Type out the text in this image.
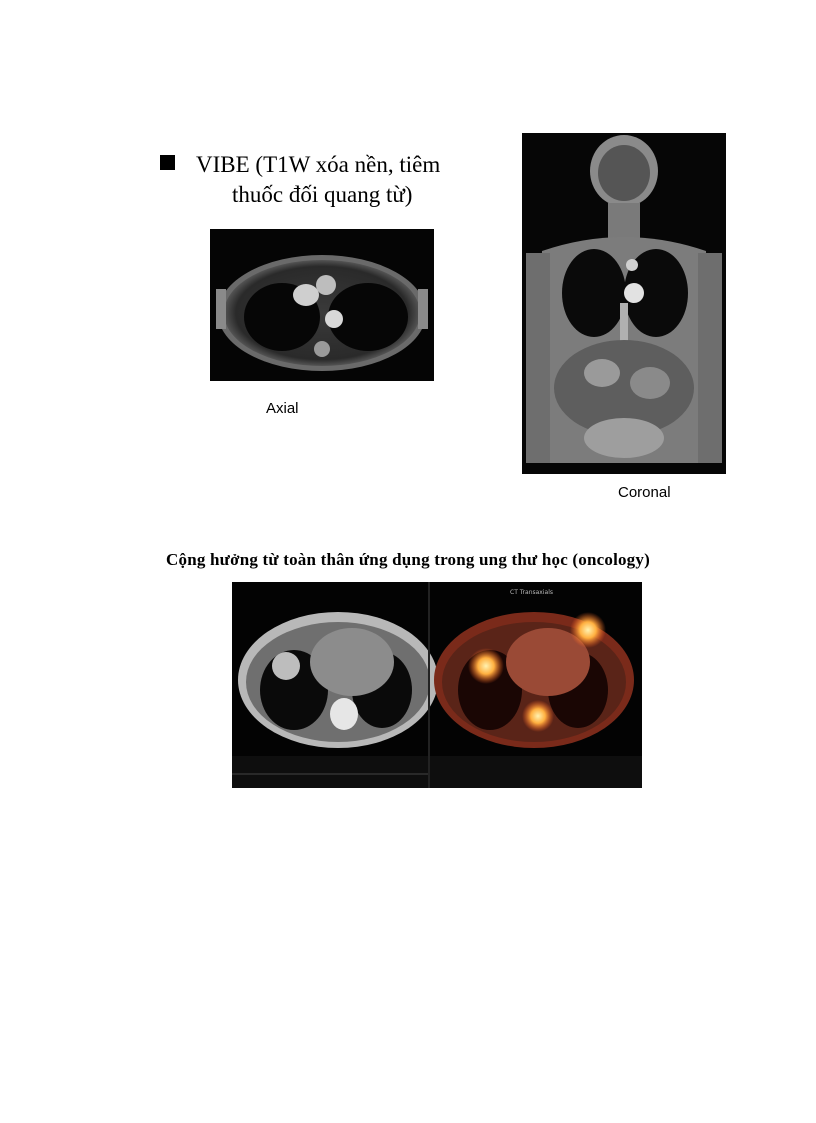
VIBE (T1W xóa nền, tiêm
thuốc đối quang từ)
Axial
Coronal
Cộng hưởng từ toàn thân ứng dụng trong ung thư học (oncology)
CT Transaxials
